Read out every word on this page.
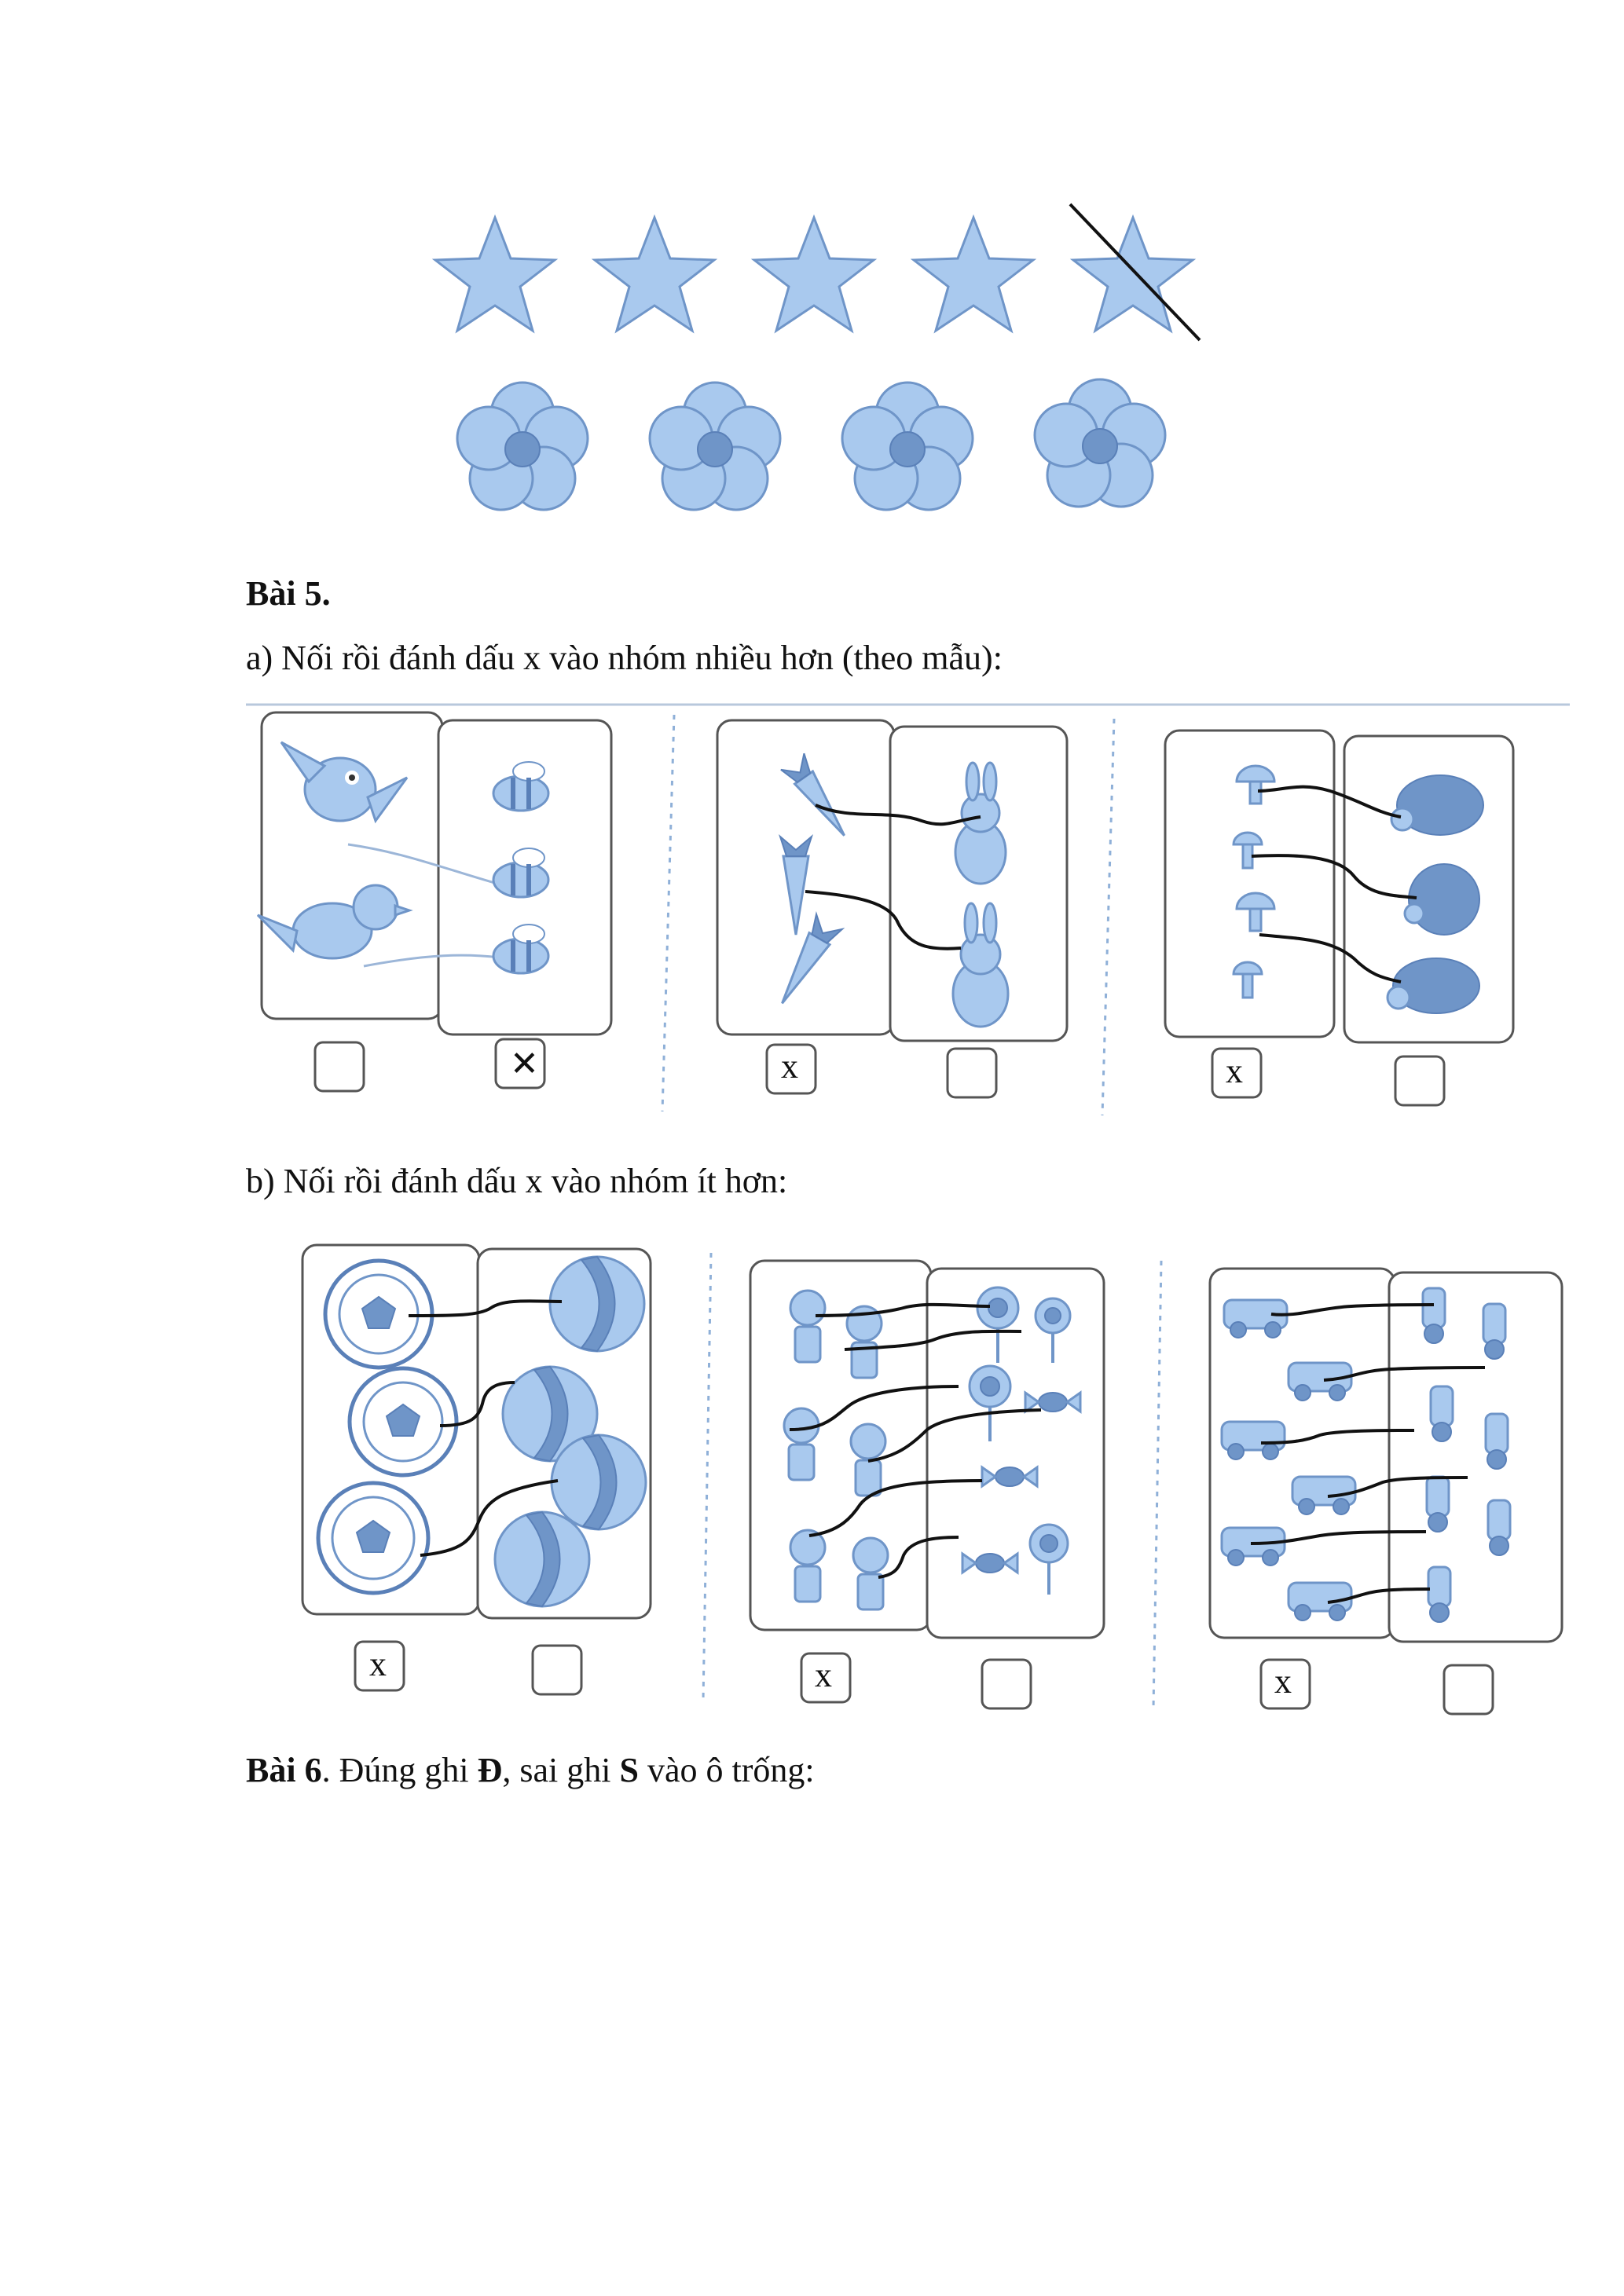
Bài 5.
a) Nối rồi đánh dấu x vào nhóm nhiều hơn (theo mẫu):
✕	x	x
b) Nối rồi đánh dấu x vào nhóm ít hơn:
x	x	x
Bài 6. Đúng ghi Đ, sai ghi S vào ô trống:
